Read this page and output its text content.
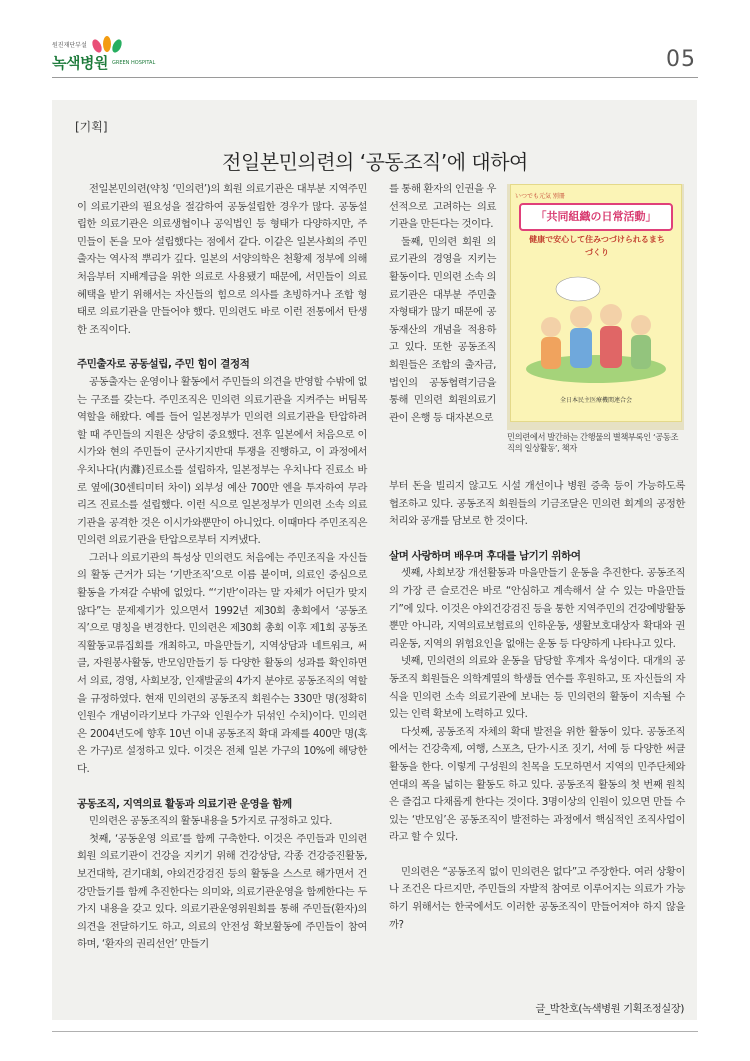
원진재단부설
녹색병원 GREEN HOSPITAL	05
[기획]
전일본민의련의 ‘공동조직’에 대하여

전일본민의련(약칭 ‘민의련’)의 회원 의료기관은 대부분 지역주민이 의료기관의 필요성을 절감하여 공동설립한 경우가 많다. 공동설립한 의료기관은 의료생협이나 공익법인 등 형태가 다양하지만, 주민들이 돈을 모아 설립했다는 점에서 같다. 이같은 일본사회의 주민출자는 역사적 뿌리가 깊다. 일본의 서양의학은 천황제 정부에 의해 처음부터 지배계급을 위한 의료로 사용됐기 때문에, 서민들이 의료혜택을 받기 위해서는 자신들의 힘으로 의사를 초빙하거나 조합 형태로 의료기관을 만들어야 했다. 민의련도 바로 이런 전통에서 탄생한 조직이다.

주민출자로 공동설립, 주민 힘이 결정적

공동출자는 운영이나 활동에서 주민들의 의견을 반영할 수밖에 없는 구조를 갖는다. 주민조직은 민의련 의료기관을 지켜주는 버팀목 역할을 해왔다. 예를 들어 일본정부가 민의련 의료기관을 탄압하려 할 때 주민들의 지원은 상당히 중요했다. 전후 일본에서 처음으로 이시가와 현의 주민들이 군사기지반대 투쟁을 진행하고, 이 과정에서 우치나다(内灘)진료소를 설립하자, 일본정부는 우치나다 진료소 바로 옆에(30센티미터 차이) 외부성 예산 700만 엔을 투자하여 무라리즈 진료소를 설립했다. 이런 식으로 일본정부가 민의련 소속 의료기관을 공격한 것은 이시가와뿐만이 아니었다. 이때마다 주민조직은 민의련 의료기관을 탄압으로부터 지켜냈다.

그러나 의료기관의 특성상 민의련도 처음에는 주민조직을 자신들의 활동 근거가 되는 ‘기반조직’으로 이름 붙이며, 의료인 중심으로 활동을 가져갈 수밖에 없었다. “‘기반’이라는 말 자체가 어딘가 맞지 않다”는 문제제기가 있으면서 1992년 제30회 총회에서 ‘공동조직’으로 명칭을 변경한다. 민의련은 제30회 총회 이후 제1회 공동조직활동교류집회를 개최하고, 마을만들기, 지역상담과 네트워크, 써클, 자원봉사활동, 반모임만들기 등 다양한 활동의 성과를 확인하면서 의료, 경영, 사회보장, 인재발굴의 4가지 분야로 공동조직의 역할을 규정하였다. 현재 민의련의 공동조직 회원수는 330만 명(정확히 인원수 개념이라기보다 가구와 인원수가 뒤섞인 수치)이다. 민의련은 2004년도에 향후 10년 이내 공동조직 확대 과제를 400만 명(혹은 가구)로 설정하고 있다. 이것은 전체 일본 가구의 10%에 해당한다.

공동조직, 지역의료 활동과 의료기관 운영을 함께

민의련은 공동조직의 활동내용을 5가지로 규정하고 있다.

첫째, ‘공동운영 의료’를 함께 구축한다. 이것은 주민들과 민의련 회원 의료기관이 건강을 지키기 위해 건강상담, 각종 건강증진활동, 보건대학, 걷기대회, 야외건강검진 등의 활동을 스스로 해가면서 건강만들기를 함께 추진한다는 의미와, 의료기관운영을 함께한다는 두 가지 내용을 갖고 있다. 의료기관운영위원회를 통해 주민들(환자)의 의견을 전달하기도 하고, 의료의 안전성 확보활동에 주민들이 참여하며, ‘환자의 권리선언’ 만들기

를 통해 환자의 인권을 우선적으로 고려하는 의료기관을 만든다는 것이다.

둘째, 민의련 회원 의료기관의 경영을 지키는 활동이다. 민의련 소속 의료기관은 대부분 주민출자형태가 많기 때문에 공동재산의 개념을 적용하고 있다. 또한 공동조직 회원들은 조합의 출자금, 법인의 공동협력기금을 통해 민의련 회원의료기관이 은행 등 대자본으로

いつでも元気 別冊
「共同組織の日常活動」
健康で安心して住みつづけられるまちづくり
全日本民主医療機関連合会
민의련에서 발간하는 간행물의 별책부록인 ‘공동조직의 일상활동’, 책자

부터 돈을 빌리지 않고도 시설 개선이나 병원 증축 등이 가능하도록 협조하고 있다. 공동조직 회원들의 기금조달은 민의련 회계의 공정한 처리와 공개를 담보로 한 것이다.

살며 사랑하며 배우며 후대를 남기기 위하여

셋째, 사회보장 개선활동과 마을만들기 운동을 추진한다. 공동조직의 가장 큰 슬로건은 바로 “안심하고 계속해서 살 수 있는 마을만들기”에 있다. 이것은 야외건강검진 등을 통한 지역주민의 건강예방활동 뿐만 아니라, 지역의료보험료의 인하운동, 생활보호대상자 확대와 권리운동, 지역의 위험요인을 없애는 운동 등 다양하게 나타나고 있다.

넷째, 민의련의 의료와 운동을 담당할 후계자 육성이다. 대개의 공동조직 회원들은 의학계열의 학생들 연수를 후원하고, 또 자신들의 자식을 민의련 소속 의료기관에 보내는 등 민의련의 활동이 지속될 수 있는 인력 확보에 노력하고 있다.

다섯째, 공동조직 자체의 확대 발전을 위한 활동이 있다. 공동조직에서는 건강축제, 여행, 스포츠, 단가·시조 짓기, 서예 등 다양한 써클활동을 한다. 이렇게 구성원의 친목을 도모하면서 지역의 민주단체와 연대의 폭을 넓히는 활동도 하고 있다. 공동조직 활동의 첫 번째 원칙은 즐겁고 다채롭게 한다는 것이다. 3명이상의 인원이 있으면 만들 수 있는 ‘반모임’은 공동조직이 발전하는 과정에서 핵심적인 조직사업이라고 할 수 있다.

민의련은 “공동조직 없이 민의련은 없다”고 주장한다. 여러 상황이나 조건은 다르지만, 주민들의 자발적 참여로 이루어지는 의료가 가능하기 위해서는 한국에서도 이러한 공동조직이 만들어져야 하지 않을까?

글_박찬호(녹색병원 기획조정실장)
